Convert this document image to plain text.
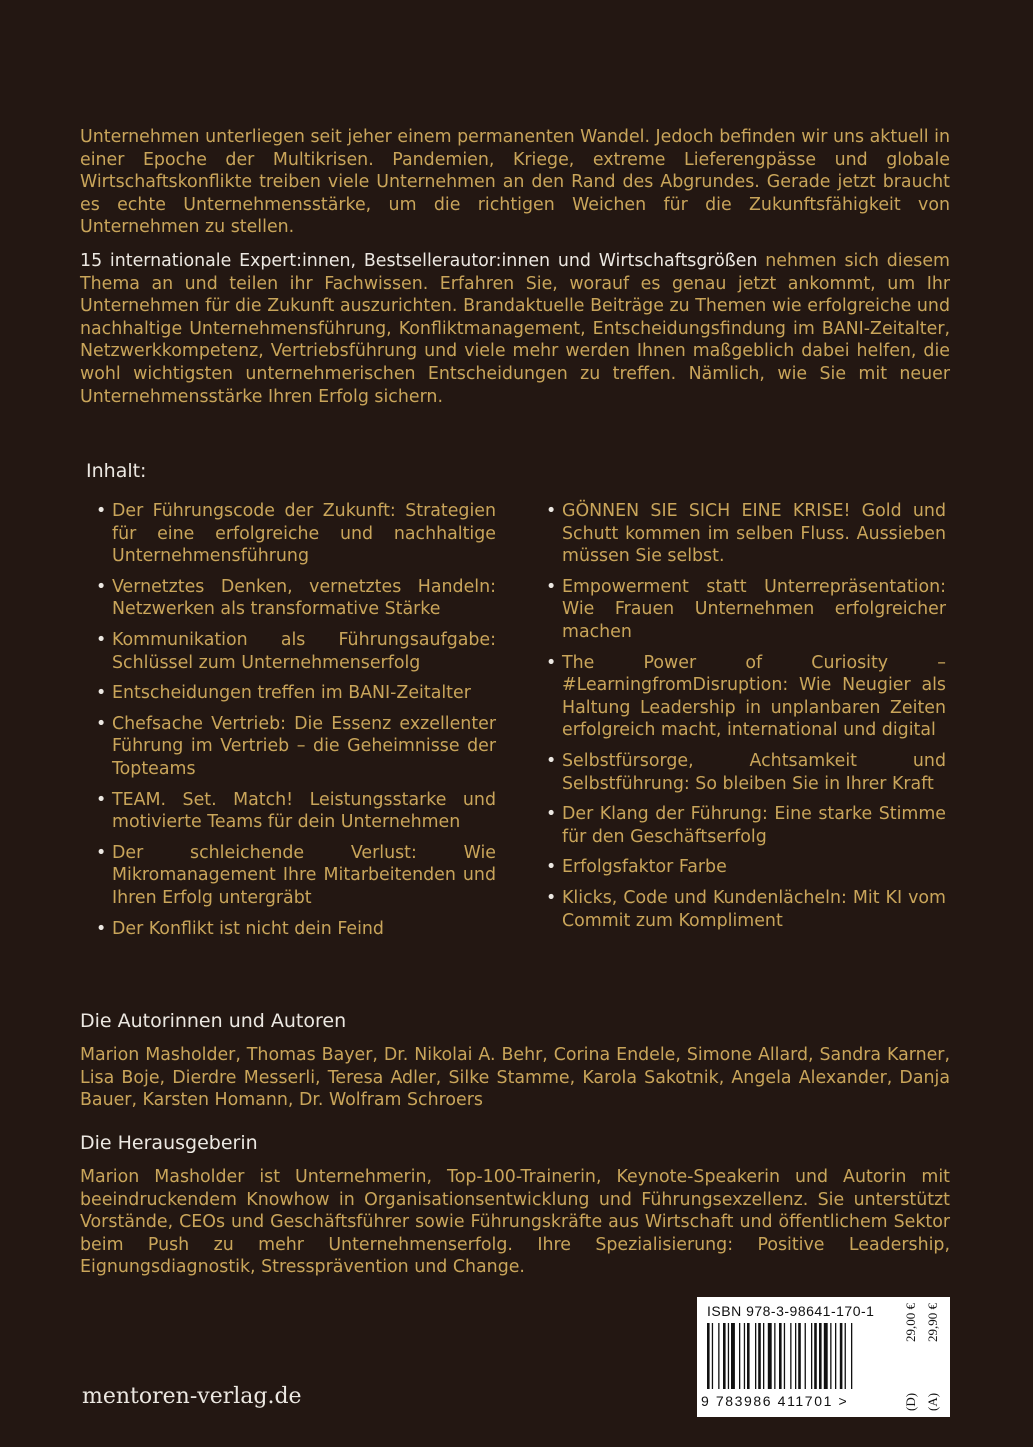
Unternehmen unterliegen seit jeher einem permanenten Wandel. Jedoch befinden wir uns aktuell in einer Epoche der Multikrisen. Pandemien, Kriege, extreme Lieferengpässe und globale Wirtschaftskonflikte treiben viele Unternehmen an den Rand des Abgrundes. Gerade jetzt braucht es echte Unternehmensstärke, um die richtigen Weichen für die Zukunftsfähigkeit von Unternehmen zu stellen.

15 internationale Expert:innen, Bestsellerautor:innen und Wirtschaftsgrößen nehmen sich diesem Thema an und teilen ihr Fachwissen. Erfahren Sie, worauf es genau jetzt ankommt, um Ihr Unternehmen für die Zukunft auszurichten. Brandaktuelle Beiträge zu Themen wie erfolgreiche und nachhaltige Unternehmensführung, Konfliktmanagement, Entscheidungsfindung im BANI-Zeitalter, Netzwerkkompetenz, Vertriebsführung und viele mehr werden Ihnen maßgeblich dabei helfen, die wohl wichtigsten unternehmerischen Entscheidungen zu treffen. Nämlich, wie Sie mit neuer Unternehmensstärke Ihren Erfolg sichern.

Inhalt:
• Der Führungscode der Zukunft: Strategien für eine erfolgreiche und nachhaltige Unternehmensführung
• Vernetztes Denken, vernetztes Handeln: Netzwerken als transformative Stärke
• Kommunikation als Führungsaufgabe: Schlüssel zum Unternehmenserfolg
• Entscheidungen treffen im BANI-Zeitalter
• Chefsache Vertrieb: Die Essenz exzellenter Führung im Vertrieb – die Geheimnisse der Topteams
• TEAM. Set. Match! Leistungsstarke und motivierte Teams für dein Unternehmen
• Der schleichende Verlust: Wie Mikromanagement Ihre Mitarbeitenden und Ihren Erfolg untergräbt
• Der Konflikt ist nicht dein Feind
• GÖNNEN SIE SICH EINE KRISE! Gold und Schutt kommen im selben Fluss. Aussieben müssen Sie selbst.
• Empowerment statt Unterrepräsentation: Wie Frauen Unternehmen erfolgreicher machen
• The Power of Curiosity – #LearningfromDisruption: Wie Neugier als Haltung Leadership in unplanbaren Zeiten erfolgreich macht, international und digital
• Selbstfürsorge, Achtsamkeit und Selbstführung: So bleiben Sie in Ihrer Kraft
• Der Klang der Führung: Eine starke Stimme für den Geschäftserfolg
• Erfolgsfaktor Farbe
• Klicks, Code und Kundenlächeln: Mit KI vom Commit zum Kompliment
Die Autorinnen und Autoren

Marion Masholder, Thomas Bayer, Dr. Nikolai A. Behr, Corina Endele, Simone Allard, Sandra Karner, Lisa Boje, Dierdre Messerli, Teresa Adler, Silke Stamme, Karola Sakotnik, Angela Alexander, Danja Bauer, Karsten Homann, Dr. Wolfram Schroers

Die Herausgeberin

Marion Masholder ist Unternehmerin, Top-100-Trainerin, Keynote-Speakerin und Autorin mit beeindruckendem Knowhow in Organisationsentwicklung und Führungsexzellenz. Sie unterstützt Vorstände, CEOs und Geschäftsführer sowie Führungskräfte aus Wirtschaft und öffentlichem Sektor beim Push zu mehr Unternehmenserfolg. Ihre Spezialisierung: Positive Leadership, Eignungsdiagnostik, Stressprävention und Change.

mentoren-verlag.de
ISBN 978-3-98641-170-1
9 783986 411701 >	(D)
29,00 €
(A)
29,90 €
